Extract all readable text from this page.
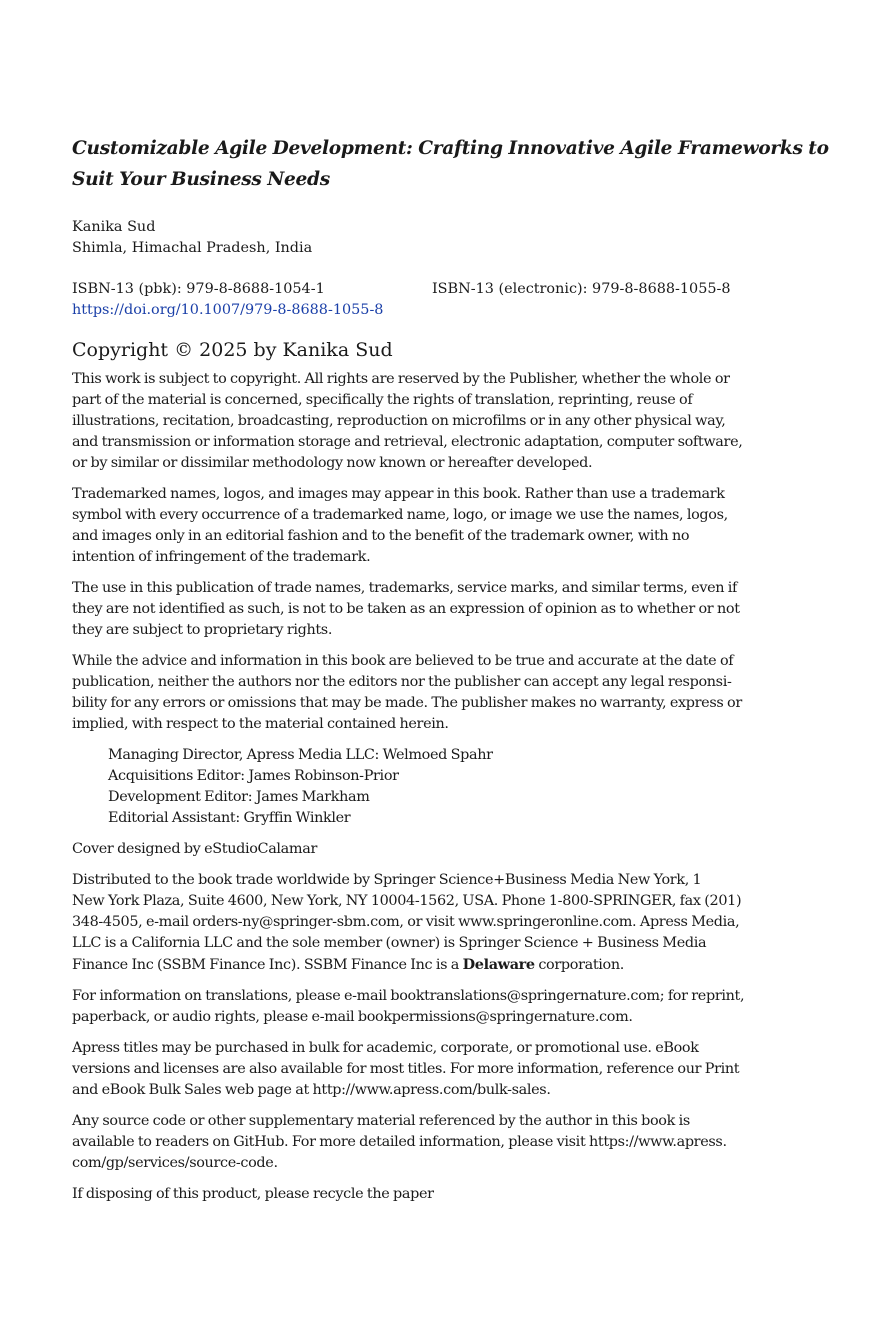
Customizable Agile Development: Crafting Innovative Agile Frameworks to
Suit Your Business Needs
Kanika Sud
Shimla, Himachal Pradesh, India
ISBN-13 (pbk): 979-8-8688-1054-1	ISBN-13 (electronic): 979-8-8688-1055-8
https://doi.org/10.1007/979-8-8688-1055-8
Copyright © 2025 by Kanika Sud

This work is subject to copyright. All rights are reserved by the Publisher, whether the whole or
part of the material is concerned, specifically the rights of translation, reprinting, reuse of
illustrations, recitation, broadcasting, reproduction on microfilms or in any other physical way,
and transmission or information storage and retrieval, electronic adaptation, computer software,
or by similar or dissimilar methodology now known or hereafter developed.

Trademarked names, logos, and images may appear in this book. Rather than use a trademark
symbol with every occurrence of a trademarked name, logo, or image we use the names, logos,
and images only in an editorial fashion and to the benefit of the trademark owner, with no
intention of infringement of the trademark.

The use in this publication of trade names, trademarks, service marks, and similar terms, even if
they are not identified as such, is not to be taken as an expression of opinion as to whether or not
they are subject to proprietary rights.

While the advice and information in this book are believed to be true and accurate at the date of
publication, neither the authors nor the editors nor the publisher can accept any legal responsi-
bility for any errors or omissions that may be made. The publisher makes no warranty, express or
implied, with respect to the material contained herein.

Managing Director, Apress Media LLC: Welmoed Spahr
Acquisitions Editor: James Robinson-Prior
Development Editor: James Markham
Editorial Assistant: Gryffin Winkler

Cover designed by eStudioCalamar

Distributed to the book trade worldwide by Springer Science+Business Media New York, 1
New York Plaza, Suite 4600, New York, NY 10004-1562, USA. Phone 1-800-SPRINGER, fax (201)
348-4505, e-mail orders-ny@springer-sbm.com, or visit www.springeronline.com. Apress Media,
LLC is a California LLC and the sole member (owner) is Springer Science + Business Media
Finance Inc (SSBM Finance Inc). SSBM Finance Inc is a Delaware corporation.

For information on translations, please e-mail booktranslations@springernature.com; for reprint,
paperback, or audio rights, please e-mail bookpermissions@springernature.com.

Apress titles may be purchased in bulk for academic, corporate, or promotional use. eBook
versions and licenses are also available for most titles. For more information, reference our Print
and eBook Bulk Sales web page at http://www.apress.com/bulk-sales.

Any source code or other supplementary material referenced by the author in this book is
available to readers on GitHub. For more detailed information, please visit https://www.apress.
com/gp/services/source-code.

If disposing of this product, please recycle the paper
